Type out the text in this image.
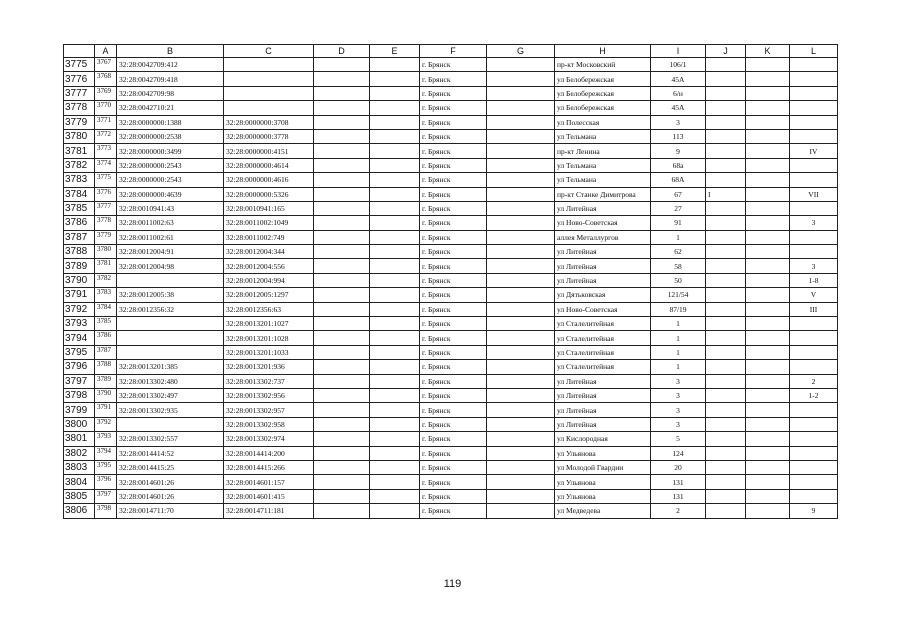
	A	B	C	D	E	F	G	H	I	J	K	L
3775	3767	32:28:0042709:412				г. Брянск		пр-кт Московский	106/1			
3776	3768	32:28:0042709:418				г. Брянск		ул Белобережская	45А			
3777	3769	32:28:0042709:98				г. Брянск		ул Белобережская	6/н			
3778	3770	32:28:0042710:21				г. Брянск		ул Белобережская	45А			
3779	3771	32:28:0000000:1388	32:28:0000000:3708			г. Брянск		ул Полесская	3			
3780	3772	32:28:0000000:2538	32:28:0000000:3778			г. Брянск		ул Тельмана	113			
3781	3773	32:28:0000000:3499	32:28:0000000:4151			г. Брянск		пр-кт Ленина	9			IV
3782	3774	32:28:0000000:2543	32:28:0000000:4614			г. Брянск		ул Тельмана	68а			
3783	3775	32:28:0000000:2543	32:28:0000000:4616			г. Брянск		ул Тельмана	68А			
3784	3776	32:28:0000000:4639	32:28:0000000:5326			г. Брянск		пр-кт Станке Димитрова	67	I		VII
3785	3777	32:28:0010941:43	32:28:0010941:165			г. Брянск		ул Литейная	27			
3786	3778	32:28:0011002:63	32:28:0011002:1049			г. Брянск		ул Ново-Советская	91			3
3787	3779	32:28:0011002:61	32:28:0011002:749			г. Брянск		аллея Металлургов	1			
3788	3780	32:28:0012004:91	32:28:0012004:344			г. Брянск		ул Литейная	62			
3789	3781	32:28:0012004:98	32:28:0012004:556			г. Брянск		ул Литейная	58			3
3790	3782		32:28:0012004:994			г. Брянск		ул Литейная	50			1-8
3791	3783	32:28:0012005:38	32:28:0012005:1297			г. Брянск		ул Дятьковская	121/54			V
3792	3784	32:28:0012356:32	32:28:0012356:63			г. Брянск		ул Ново-Советская	87/19			III
3793	3785		32:28:0013201:1027			г. Брянск		ул Сталелитейная	1			
3794	3786		32:28:0013201:1028			г. Брянск		ул Сталелитейная	1			
3795	3787		32:28:0013201:1033			г. Брянск		ул Сталелитейная	1			
3796	3788	32:28:0013201:385	32:28:0013201:936			г. Брянск		ул Сталелитейная	1			
3797	3789	32:28:0013302:480	32:28:0013302:737			г. Брянск		ул Литейная	3			2
3798	3790	32:28:0013302:497	32:28:0013302:956			г. Брянск		ул Литейная	3			1-2
3799	3791	32:28:0013302:935	32:28:0013302:957			г. Брянск		ул Литейная	3			
3800	3792		32:28:0013302:958			г. Брянск		ул Литейная	3			
3801	3793	32:28:0013302:557	32:28:0013302:974			г. Брянск		ул Кислородная	5			
3802	3794	32:28:0014414:52	32:28:0014414:200			г. Брянск		ул Ульянова	124			
3803	3795	32:28:0014415:25	32:28:0014415:266			г. Брянск		ул Молодой Гвардии	20			
3804	3796	32:28:0014601:26	32:28:0014601:157			г. Брянск		ул Ульянова	131			
3805	3797	32:28:0014601:26	32:28:0014601:415			г. Брянск		ул Ульянова	131			
3806	3798	32:28:0014711:70	32:28:0014711:181			г. Брянск		ул Медведева	2			9
119
